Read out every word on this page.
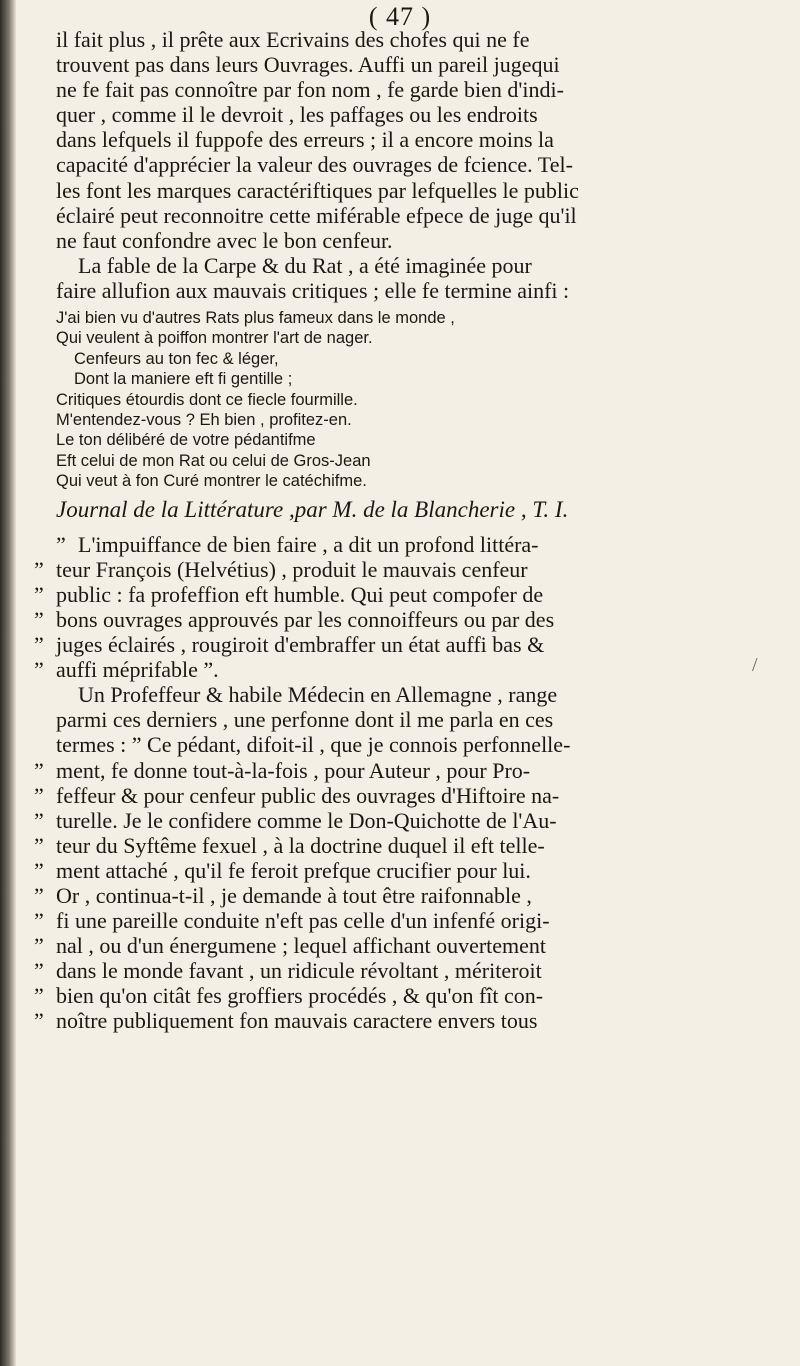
( 47 )
/
il fait plus , il prête aux Ecrivains des chofes qui ne fe
trouvent pas dans leurs Ouvrages. Auffi un pareil jugequi
ne fe fait pas connoître par fon nom , fe garde bien d'indi-
quer , comme il le devroit , les paffages ou les endroits
dans lefquels il fuppofe des erreurs ; il a encore moins la
capacité d'apprécier la valeur des ouvrages de fcience. Tel-
les font les marques caractériftiques par lefquelles le public
éclairé peut reconnoitre cette miférable efpece de juge qu'il
ne faut confondre avec le bon cenfeur.
La fable de la Carpe & du Rat , a été imaginée pour
faire allufion aux mauvais critiques ; elle fe termine ainfi :
J'ai bien vu d'autres Rats plus fameux dans le monde ,
Qui veulent à poiffon montrer l'art de nager.
Cenfeurs au ton fec & léger,
Dont la maniere eft fi gentille ;
Critiques étourdis dont ce fiecle fourmille.
M'entendez-vous ? Eh bien , profitez-en.
Le ton délibéré de votre pédantifme
Eft celui de mon Rat ou celui de Gros-Jean
Qui veut à fon Curé montrer le catéchifme.
Journal de la Littérature ,par M. de la Blancherie , T. I.
” L'impuiffance de bien faire , a dit un profond littéra-
” teur François (Helvétius) , produit le mauvais cenfeur
” public : fa profeffion eft humble. Qui peut compofer de
” bons ouvrages approuvés par les connoiffeurs ou par des
” juges éclairés , rougiroit d'embraffer un état auffi bas &
” auffi méprifable ”.
Un Profeffeur & habile Médecin en Allemagne , range
parmi ces derniers , une perfonne dont il me parla en ces
termes : ” Ce pédant, difoit-il , que je connois perfonnelle-
” ment, fe donne tout-à-la-fois , pour Auteur , pour Pro-
” feffeur & pour cenfeur public des ouvrages d'Hiftoire na-
” turelle. Je le confidere comme le Don-Quichotte de l'Au-
” teur du Syftême fexuel , à la doctrine duquel il eft telle-
” ment attaché , qu'il fe feroit prefque crucifier pour lui.
” Or , continua-t-il , je demande à tout être raifonnable ,
” fi une pareille conduite n'eft pas celle d'un infenfé origi-
” nal , ou d'un énergumene ; lequel affichant ouvertement
” dans le monde favant , un ridicule révoltant , mériteroit
” bien qu'on citât fes groffiers procédés , & qu'on fît con-
” noître publiquement fon mauvais caractere envers tous
